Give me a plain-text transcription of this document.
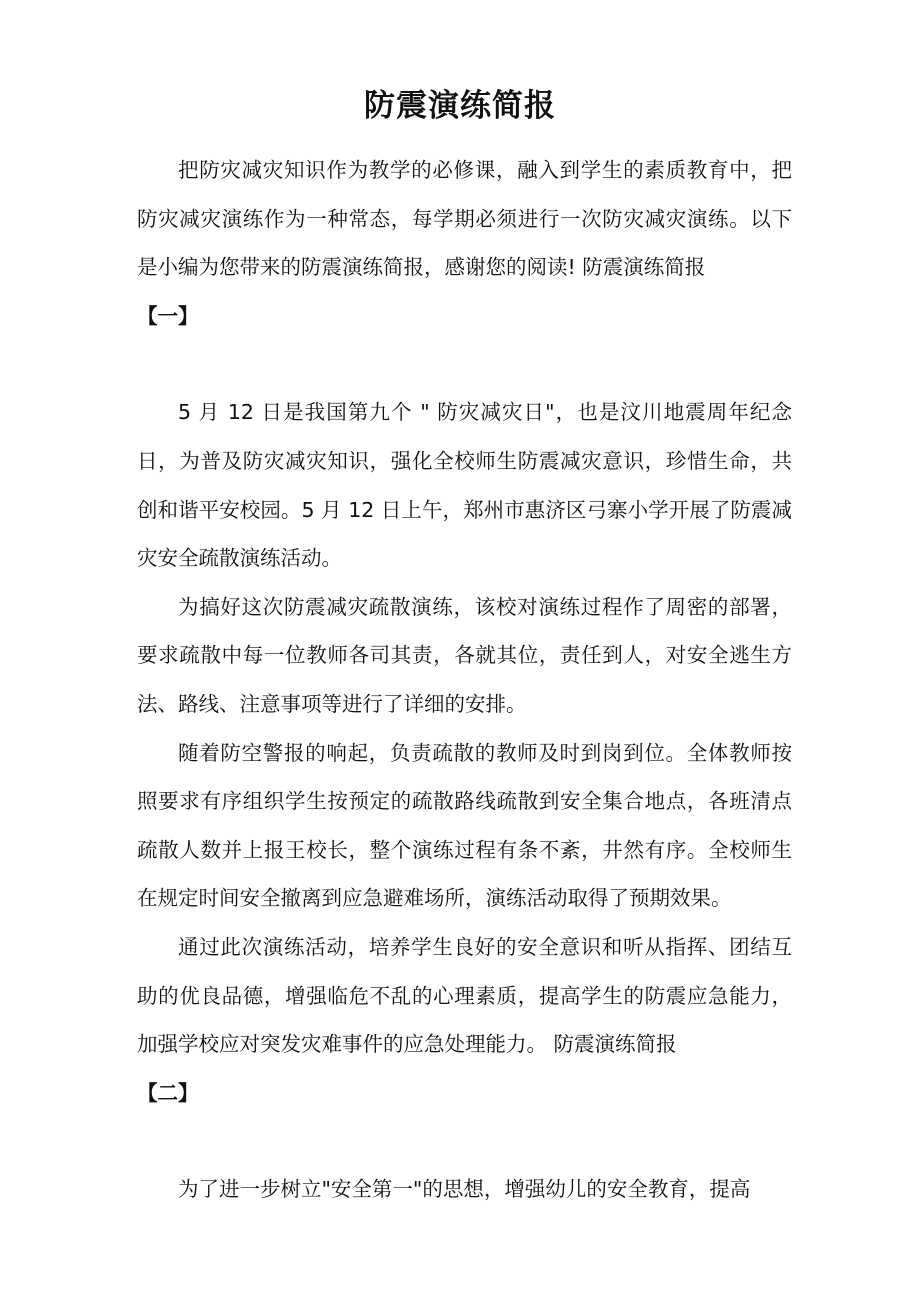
防震演练简报

把防灾减灾知识作为教学的必修课，融入到学生的素质教育中，把防灾减灾演练作为一种常态，每学期必须进行一次防灾减灾演练。以下是小编为您带来的防震演练简报，感谢您的阅读! 防震演练简报

【一】

5 月 12 日是我国第九个 " 防灾减灾日"，也是汶川地震周年纪念日，为普及防灾减灾知识，强化全校师生防震减灾意识，珍惜生命，共创和谐平安校园。5 月 12 日上午，郑州市惠济区弓寨小学开展了防震减灾安全疏散演练活动。

为搞好这次防震减灾疏散演练，该校对演练过程作了周密的部署，要求疏散中每一位教师各司其责，各就其位，责任到人，对安全逃生方法、路线、注意事项等进行了详细的安排。

随着防空警报的响起，负责疏散的教师及时到岗到位。全体教师按照要求有序组织学生按预定的疏散路线疏散到安全集合地点，各班清点疏散人数并上报王校长，整个演练过程有条不紊，井然有序。全校师生在规定时间安全撤离到应急避难场所，演练活动取得了预期效果。

通过此次演练活动，培养学生良好的安全意识和听从指挥、团结互助的优良品德，增强临危不乱的心理素质，提高学生的防震应急能力，加强学校应对突发灾难事件的应急处理能力。 防震演练简报

【二】

为了进一步树立"安全第一"的思想，增强幼儿的安全教育，提高
